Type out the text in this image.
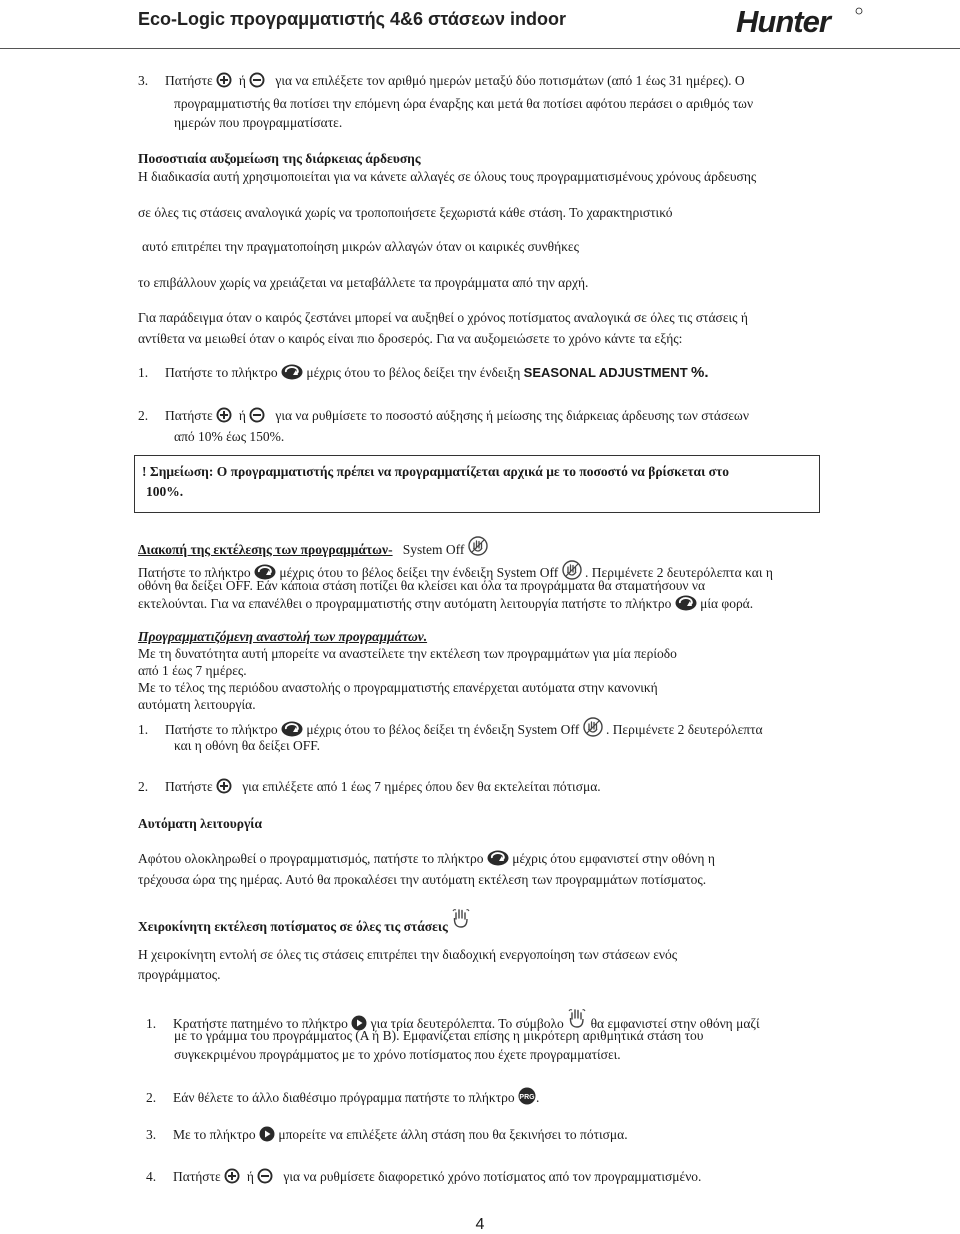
Eco-Logic προγραμματιστής 4&6 στάσεων indoor	Hunter
3. Πατήστε ή για να επιλέξετε τον αριθμό ημερών μεταξύ δύο ποτισμάτων (από 1 έως 31 ημέρες). Ο
προγραμματιστής θα ποτίσει την επόμενη ώρα έναρξης και μετά θα ποτίσει αφότου περάσει ο αριθμός των
ημερών που προγραμματίσατε.
Ποσοστιαία αυξομείωση της διάρκειας άρδευσης
Η διαδικασία αυτή χρησιμοποιείται για να κάνετε αλλαγές σε όλους τους προγραμματισμένους χρόνους άρδευσης
σε όλες τις στάσεις αναλογικά χωρίς να τροποποιήσετε ξεχωριστά κάθε στάση. Το χαρακτηριστικό
αυτό επιτρέπει την πραγματοποίηση μικρών αλλαγών όταν οι καιρικές συνθήκες
το επιβάλλουν χωρίς να χρειάζεται να μεταβάλλετε τα προγράμματα από την αρχή.
Για παράδειγμα όταν ο καιρός ζεστάνει μπορεί να αυξηθεί ο χρόνος ποτίσματος αναλογικά σε όλες τις στάσεις ή
αντίθετα να μειωθεί όταν ο καιρός είναι πιο δροσερός. Για να αυξομειώσετε το χρόνο κάντε τα εξής:
1. Πατήστε το πλήκτρο μέχρις ότου το βέλος δείξει την ένδειξη SEASONAL ADJUSTMENT %.
2. Πατήστε ή για να ρυθμίσετε το ποσοστό αύξησης ή μείωσης της διάρκειας άρδευσης των στάσεων
από 10% έως 150%.
! Σημείωση: Ο προγραμματιστής πρέπει να προγραμματίζεται αρχικά με το ποσοστό να βρίσκεται στο
100%.
Διακοπή της εκτέλεσης των προγραμμάτων- System Off
Πατήστε το πλήκτρο μέχρις ότου το βέλος δείξει την ένδειξη System Off . Περιμένετε 2 δευτερόλεπτα και η
οθόνη θα δείξει OFF. Εάν κάποια στάση ποτίζει θα κλείσει και όλα τα προγράμματα θα σταματήσουν να
εκτελούνται. Για να επανέλθει ο προγραμματιστής στην αυτόματη λειτουργία πατήστε το πλήκτρο μία φορά.
Προγραμματιζόμενη αναστολή των προγραμμάτων.
Με τη δυνατότητα αυτή μπορείτε να αναστείλετε την εκτέλεση των προγραμμάτων για μία περίοδο
από 1 έως 7 ημέρες.
Με το τέλος της περιόδου αναστολής ο προγραμματιστής επανέρχεται αυτόματα στην κανονική
αυτόματη λειτουργία.
1. Πατήστε το πλήκτρο μέχρις ότου το βέλος δείξει τη ένδειξη System Off . Περιμένετε 2 δευτερόλεπτα
και η οθόνη θα δείξει OFF.
2. Πατήστε για επιλέξετε από 1 έως 7 ημέρες όπου δεν θα εκτελείται πότισμα.
Αυτόματη λειτουργία
Αφότου ολοκληρωθεί ο προγραμματισμός, πατήστε το πλήκτρο μέχρις ότου εμφανιστεί στην οθόνη η
τρέχουσα ώρα της ημέρας. Αυτό θα προκαλέσει την αυτόματη εκτέλεση των προγραμμάτων ποτίσματος.
Χειροκίνητη εκτέλεση ποτίσματος σε όλες τις στάσεις
Η χειροκίνητη εντολή σε όλες τις στάσεις επιτρέπει την διαδοχική ενεργοποίηση των στάσεων ενός
προγράμματος.
1. Κρατήστε πατημένο το πλήκτρο για τρία δευτερόλεπτα. Το σύμβολο θα εμφανιστεί στην οθόνη μαζί
με το γράμμα του προγράμματος (Α ή Β). Εμφανίζεται επίσης η μικρότερη αριθμητικά στάση του
συγκεκριμένου προγράμματος με το χρόνο ποτίσματος που έχετε προγραμματίσει.
2. Εάν θέλετε το άλλο διαθέσιμο πρόγραμμα πατήστε το πλήκτρο .
3. Με το πλήκτρο μπορείτε να επιλέξετε άλλη στάση που θα ξεκινήσει το πότισμα.
4. Πατήστε ή για να ρυθμίσετε διαφορετικό χρόνο ποτίσματος από τον προγραμματισμένο.
4
